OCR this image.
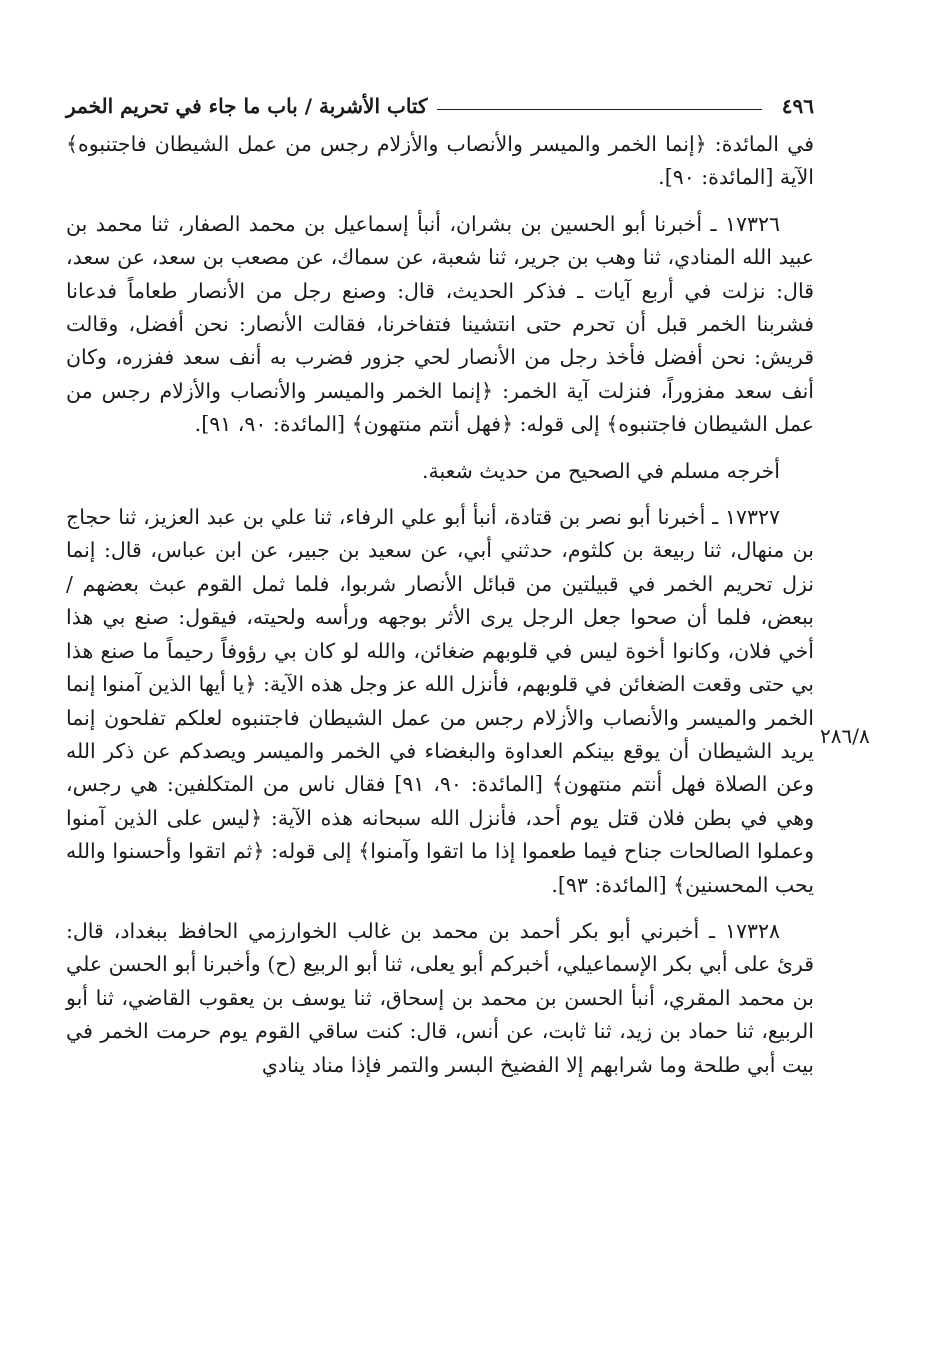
٤٩٦
كتاب الأشربة / باب ما جاء في تحريم الخمر

في المائدة: ﴿إنما الخمر والميسر والأنصاب والأزلام رجس من عمل الشيطان فاجتنبوه﴾ الآية [المائدة: ٩٠].

١٧٣٢٦ ـ أخبرنا أبو الحسين بن بشران، أنبأ إسماعيل بن محمد الصفار، ثنا محمد بن عبيد الله المنادي، ثنا وهب بن جرير، ثنا شعبة، عن سماك، عن مصعب بن سعد، عن سعد، قال: نزلت في أربع آيات ـ فذكر الحديث، قال: وصنع رجل من الأنصار طعاماً فدعانا فشربنا الخمر قبل أن تحرم حتى انتشينا فتفاخرنا، فقالت الأنصار: نحن أفضل، وقالت قريش: نحن أفضل فأخذ رجل من الأنصار لحي جزور فضرب به أنف سعد ففزره، وكان أنف سعد مفزوراً، فنزلت آية الخمر: ﴿إنما الخمر والميسر والأنصاب والأزلام رجس من عمل الشيطان فاجتنبوه﴾ إلى قوله: ﴿فهل أنتم منتهون﴾ [المائدة: ٩٠، ٩١].

أخرجه مسلم في الصحيح من حديث شعبة.

١٧٣٢٧ ـ أخبرنا أبو نصر بن قتادة، أنبأ أبو علي الرفاء، ثنا علي بن عبد العزيز، ثنا حجاج بن منهال، ثنا ربيعة بن كلثوم، حدثني أبي، عن سعيد بن جبير، عن ابن عباس، قال: إنما نزل تحريم الخمر في قبيلتين من قبائل الأنصار شربوا، فلما ثمل القوم عبث بعضهم / ببعض، فلما أن صحوا جعل الرجل يرى الأثر بوجهه ورأسه ولحيته، فيقول: صنع بي هذا أخي فلان، وكانوا أخوة ليس في قلوبهم ضغائن، والله لو كان بي رؤوفاً رحيماً ما صنع هذا بي حتى وقعت الضغائن في قلوبهم، فأنزل الله عز وجل هذه الآية: ﴿يا أيها الذين آمنوا إنما الخمر والميسر والأنصاب والأزلام رجس من عمل الشيطان فاجتنبوه لعلكم تفلحون إنما يريد الشيطان أن يوقع بينكم العداوة والبغضاء في الخمر والميسر ويصدكم عن ذكر الله وعن الصلاة فهل أنتم منتهون﴾ [المائدة: ٩٠، ٩١] فقال ناس من المتكلفين: هي رجس، وهي في بطن فلان قتل يوم أحد، فأنزل الله سبحانه هذه الآية: ﴿ليس على الذين آمنوا وعملوا الصالحات جناح فيما طعموا إذا ما اتقوا وآمنوا﴾ إلى قوله: ﴿ثم اتقوا وأحسنوا والله يحب المحسنين﴾ [المائدة: ٩٣].

١٧٣٢٨ ـ أخبرني أبو بكر أحمد بن محمد بن غالب الخوارزمي الحافظ ببغداد، قال: قرئ على أبي بكر الإسماعيلي، أخبركم أبو يعلى، ثنا أبو الربيع (ح) وأخبرنا أبو الحسن علي بن محمد المقري، أنبأ الحسن بن محمد بن إسحاق، ثنا يوسف بن يعقوب القاضي، ثنا أبو الربيع، ثنا حماد بن زيد، ثنا ثابت، عن أنس، قال: كنت ساقي القوم يوم حرمت الخمر في بيت أبي طلحة وما شرابهم إلا الفضيخ البسر والتمر فإذا مناد ينادي

٢٨٦/٨
